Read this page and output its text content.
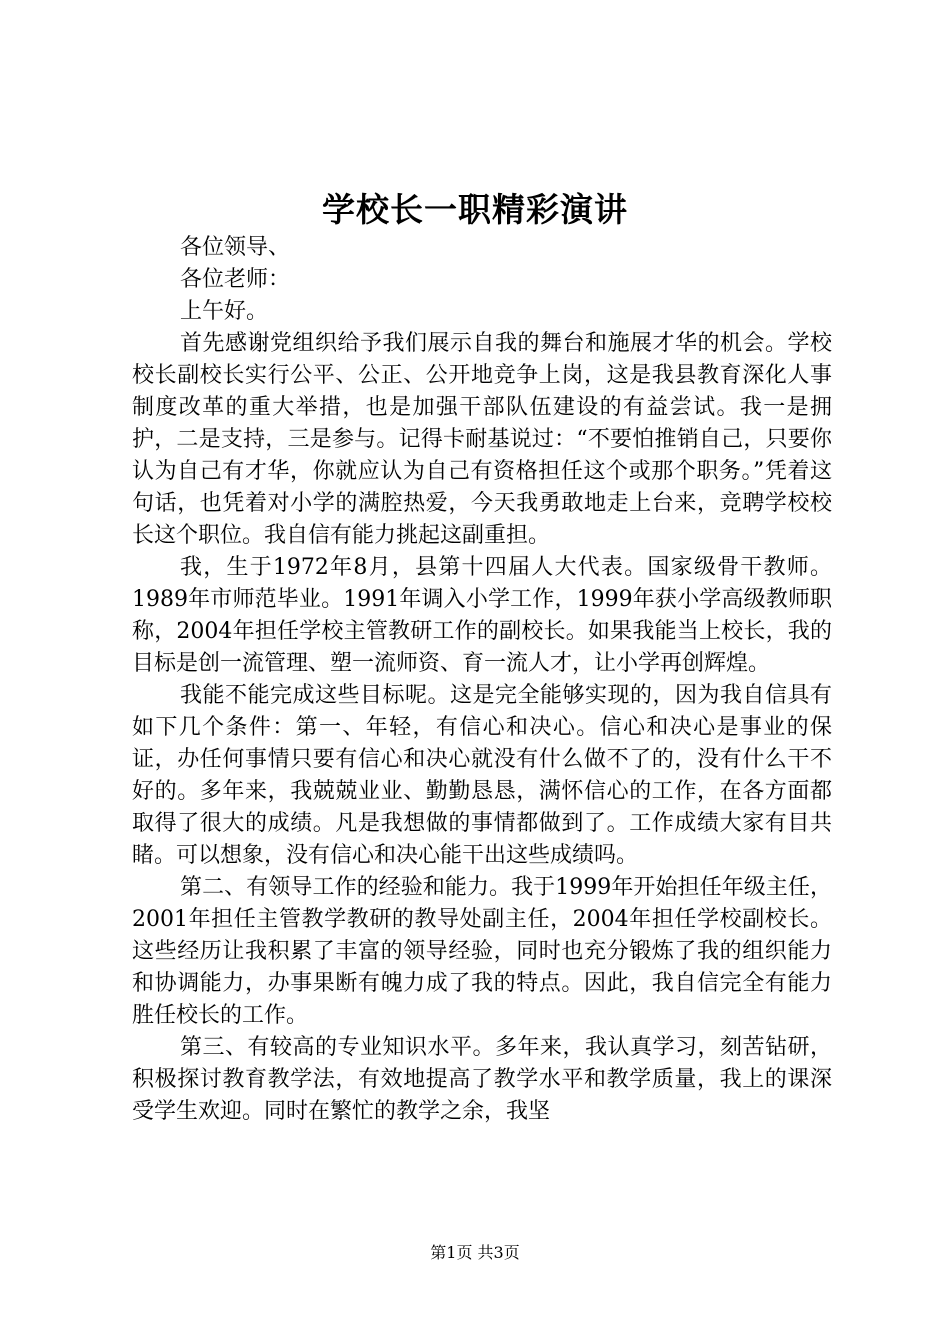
学校长一职精彩演讲

各位领导、

各位老师：

上午好。

首先感谢党组织给予我们展示自我的舞台和施展才华的机会。学校校长副校长实行公平、公正、公开地竞争上岗，这是我县教育深化人事制度改革的重大举措，也是加强干部队伍建设的有益尝试。我一是拥护，二是支持，三是参与。记得卡耐基说过：“不要怕推销自己，只要你认为自己有才华，你就应认为自己有资格担任这个或那个职务。”凭着这句话，也凭着对小学的满腔热爱，今天我勇敢地走上台来，竞聘学校校长这个职位。我自信有能力挑起这副重担。

我，生于1972年8月，县第十四届人大代表。国家级骨干教师。1989年市师范毕业。1991年调入小学工作，1999年获小学高级教师职称，2004年担任学校主管教研工作的副校长。如果我能当上校长，我的目标是创一流管理、塑一流师资、育一流人才，让小学再创辉煌。

我能不能完成这些目标呢。这是完全能够实现的，因为我自信具有如下几个条件：第一、年轻，有信心和决心。信心和决心是事业的保证，办任何事情只要有信心和决心就没有什么做不了的，没有什么干不好的。多年来，我兢兢业业、勤勤恳恳，满怀信心的工作，在各方面都取得了很大的成绩。凡是我想做的事情都做到了。工作成绩大家有目共睹。可以想象，没有信心和决心能干出这些成绩吗。

第二、有领导工作的经验和能力。我于1999年开始担任年级主任，2001年担任主管教学教研的教导处副主任，2004年担任学校副校长。这些经历让我积累了丰富的领导经验，同时也充分锻炼了我的组织能力和协调能力，办事果断有魄力成了我的特点。因此，我自信完全有能力胜任校长的工作。

第三、有较高的专业知识水平。多年来，我认真学习，刻苦钻研，积极探讨教育教学法，有效地提高了教学水平和教学质量，我上的课深受学生欢迎。同时在繁忙的教学之余，我坚

第1页 共3页
